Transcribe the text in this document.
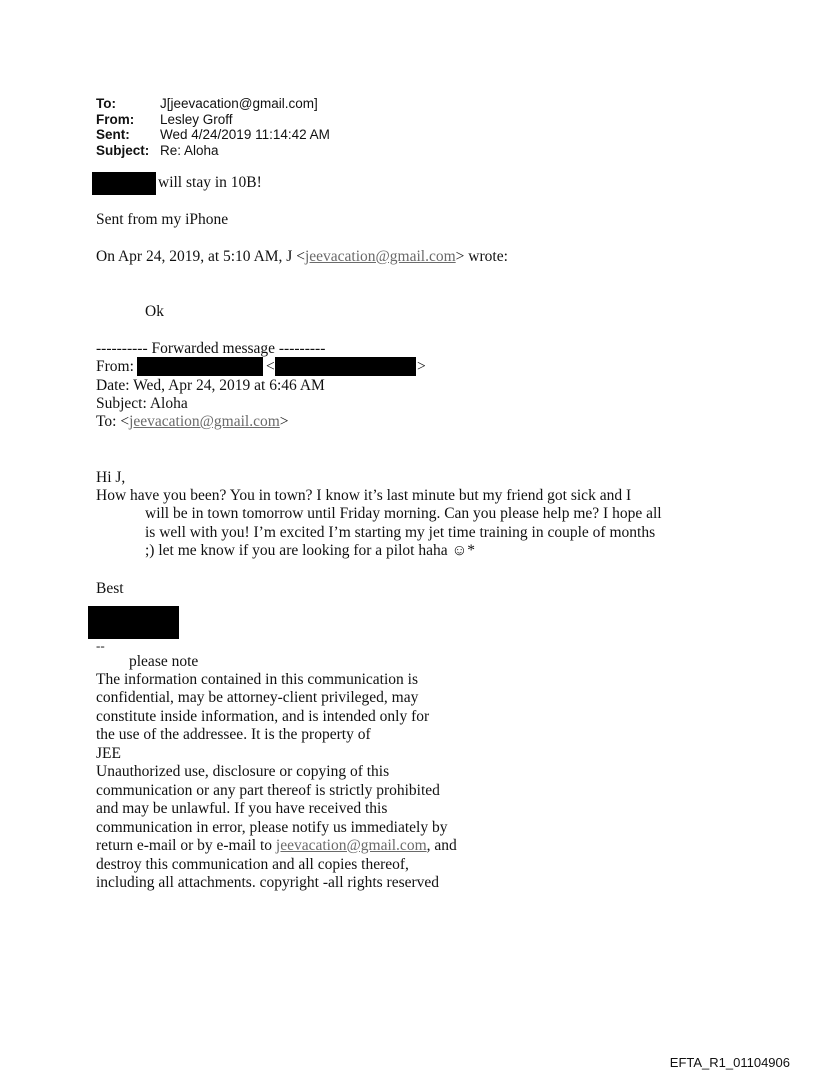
To:	J[jeevacation@gmail.com]
From: Lesley Groff
Sent: Wed 4/24/2019 11:14:42 AM
Subject: Re: Aloha
will stay in 10B!
Sent from my iPhone
On Apr 24, 2019, at 5:10 AM, J <jeevacation@gmail.com> wrote:
Ok
---------- Forwarded message ---------
From:	<	>
Date: Wed, Apr 24, 2019 at 6:46 AM
Subject: Aloha
To: <jeevacation@gmail.com>
Hi J,
How have you been? You in town? I know it’s last minute but my friend got sick and I
will be in town tomorrow until Friday morning. Can you please help me? I hope all
is well with you! I’m excited I’m starting my jet time training in couple of months
;) let me know if you are looking for a pilot haha ☺*
Best
--
please note
The information contained in this communication is
confidential, may be attorney-client privileged, may
constitute inside information, and is intended only for
the use of the addressee. It is the property of
JEE
Unauthorized use, disclosure or copying of this
communication or any part thereof is strictly prohibited
and may be unlawful. If you have received this
communication in error, please notify us immediately by
return e-mail or by e-mail to jeevacation@gmail.com, and
destroy this communication and all copies thereof,
including all attachments. copyright -all rights reserved
EFTA_R1_01104906
